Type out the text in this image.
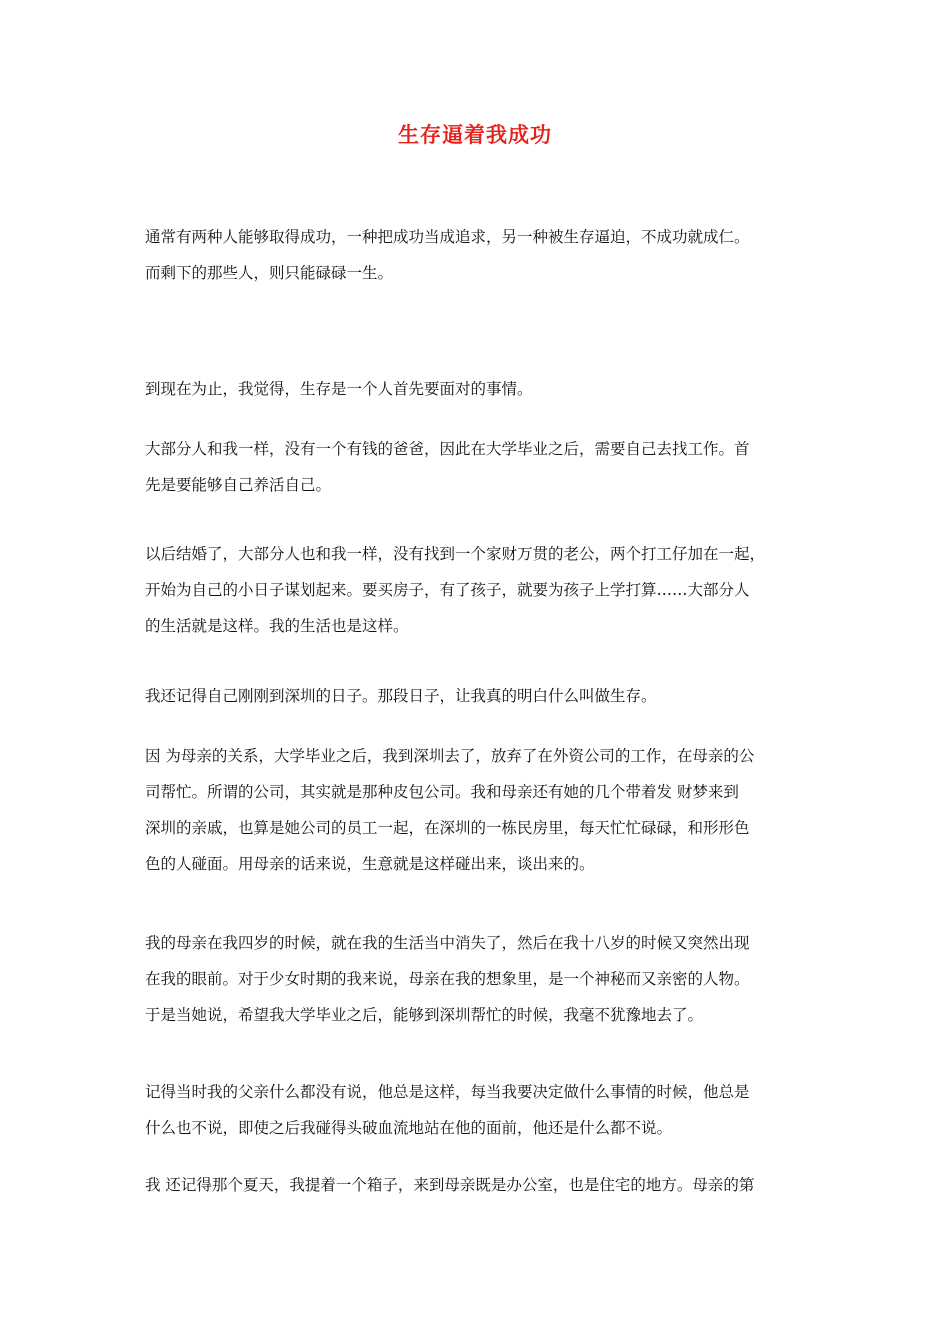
生存逼着我成功
通常有两种人能够取得成功，一种把成功当成追求，另一种被生存逼迫，不成功就成仁。
而剩下的那些人，则只能碌碌一生。
到现在为止，我觉得，生存是一个人首先要面对的事情。
大部分人和我一样，没有一个有钱的爸爸，因此在大学毕业之后，需要自己去找工作。首
先是要能够自己养活自己。
以后结婚了，大部分人也和我一样，没有找到一个家财万贯的老公，两个打工仔加在一起，
开始为自己的小日子谋划起来。要买房子，有了孩子，就要为孩子上学打算……大部分人
的生活就是这样。我的生活也是这样。
我还记得自己刚刚到深圳的日子。那段日子，让我真的明白什么叫做生存。
因 为母亲的关系，大学毕业之后，我到深圳去了，放弃了在外资公司的工作，在母亲的公
司帮忙。所谓的公司，其实就是那种皮包公司。我和母亲还有她的几个带着发 财梦来到
深圳的亲戚，也算是她公司的员工一起，在深圳的一栋民房里，每天忙忙碌碌，和形形色
色的人碰面。用母亲的话来说，生意就是这样碰出来，谈出来的。
我的母亲在我四岁的时候，就在我的生活当中消失了，然后在我十八岁的时候又突然出现
在我的眼前。对于少女时期的我来说，母亲在我的想象里，是一个神秘而又亲密的人物。
于是当她说，希望我大学毕业之后，能够到深圳帮忙的时候，我毫不犹豫地去了。
记得当时我的父亲什么都没有说，他总是这样，每当我要决定做什么事情的时候，他总是
什么也不说，即使之后我碰得头破血流地站在他的面前，他还是什么都不说。
我 还记得那个夏天，我提着一个箱子，来到母亲既是办公室，也是住宅的地方。母亲的第
